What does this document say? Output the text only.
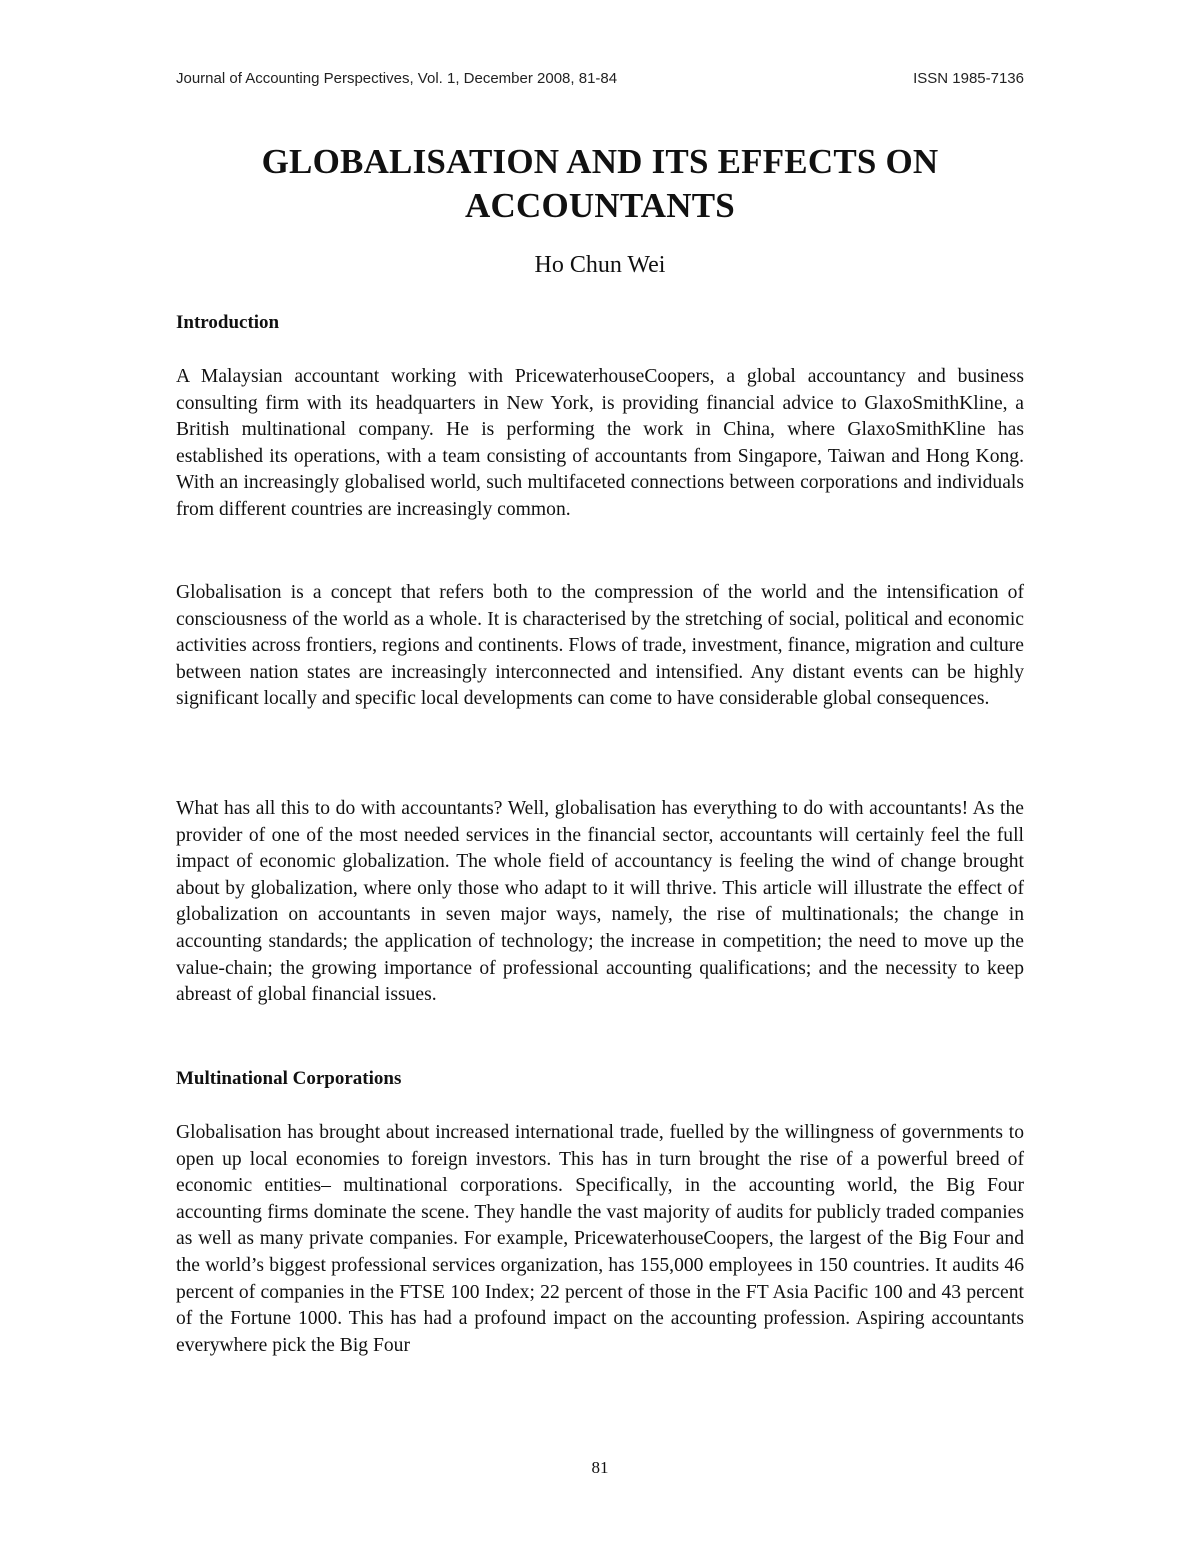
Journal of Accounting Perspectives, Vol. 1, December 2008, 81-84	ISSN 1985-7136
GLOBALISATION AND ITS EFFECTS ON ACCOUNTANTS
Ho Chun Wei
Introduction

A Malaysian accountant working with PricewaterhouseCoopers, a global accountancy and business consulting firm with its headquarters in New York, is providing financial advice to GlaxoSmithKline, a British multinational company. He is performing the work in China, where GlaxoSmithKline has established its operations, with a team consisting of accountants from Singapore, Taiwan and Hong Kong. With an increasingly globalised world, such multifaceted connections between corporations and individuals from different countries are increasingly common.

Globalisation is a concept that refers both to the compression of the world and the intensification of consciousness of the world as a whole. It is characterised by the stretching of social, political and economic activities across frontiers, regions and continents. Flows of trade, investment, finance, migration and culture between nation states are increasingly interconnected and intensified. Any distant events can be highly significant locally and specific local developments can come to have considerable global consequences.

What has all this to do with accountants? Well, globalisation has everything to do with accountants! As the provider of one of the most needed services in the financial sector, accountants will certainly feel the full impact of economic globalization. The whole field of accountancy is feeling the wind of change brought about by globalization, where only those who adapt to it will thrive. This article will illustrate the effect of globalization on accountants in seven major ways, namely, the rise of multinationals; the change in accounting standards; the application of technology; the increase in competition; the need to move up the value-chain; the growing importance of professional accounting qualifications; and the necessity to keep abreast of global financial issues.

Multinational Corporations

Globalisation has brought about increased international trade, fuelled by the willingness of governments to open up local economies to foreign investors. This has in turn brought the rise of a powerful breed of economic entities– multinational corporations. Specifically, in the accounting world, the Big Four accounting firms dominate the scene. They handle the vast majority of audits for publicly traded companies as well as many private companies. For example, PricewaterhouseCoopers, the largest of the Big Four and the world’s biggest professional services organization, has 155,000 employees in 150 countries. It audits 46 percent of companies in the FTSE 100 Index; 22 percent of those in the FT Asia Pacific 100 and 43 percent of the Fortune 1000. This has had a profound impact on the accounting profession. Aspiring accountants everywhere pick the Big Four

81
